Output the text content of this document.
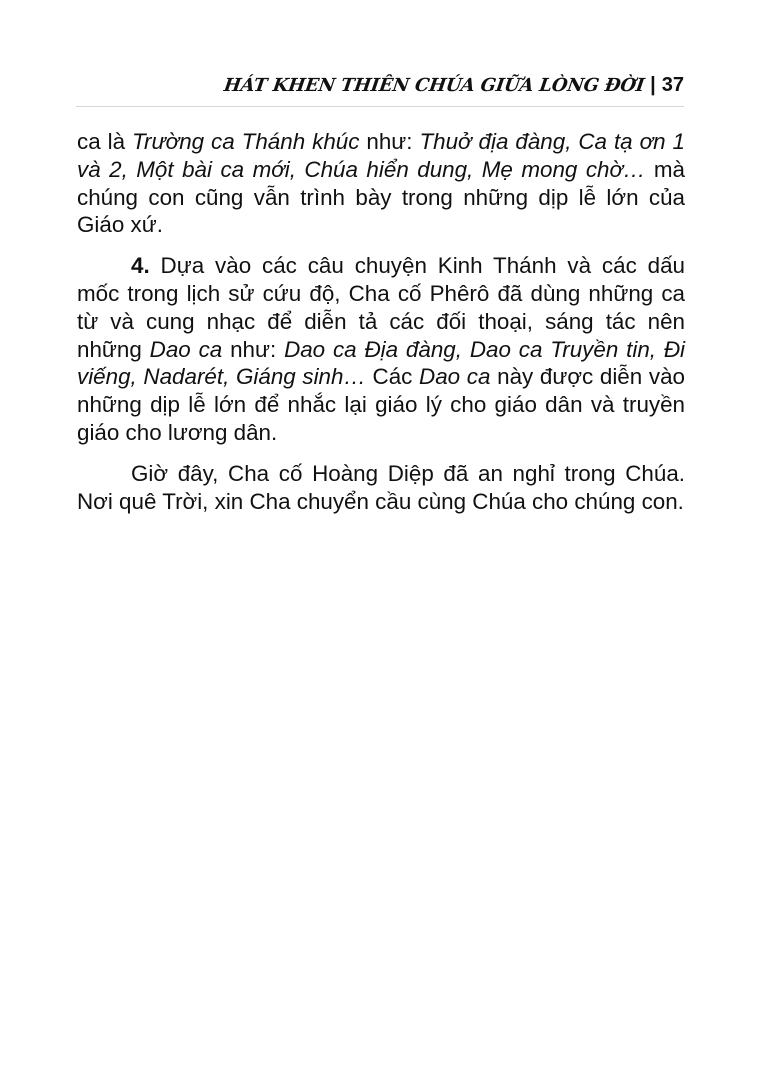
HÁT KHEN THIÊN CHÚA GIỮA LÒNG ĐỜI | 37

ca là Trường ca Thánh khúc như: Thuở địa đàng, Ca tạ ơn 1 và 2, Một bài ca mới, Chúa hiển dung, Mẹ mong chờ… mà chúng con cũng vẫn trình bày trong những dịp lễ lớn của Giáo xứ.

4. Dựa vào các câu chuyện Kinh Thánh và các dấu mốc trong lịch sử cứu độ, Cha cố Phêrô đã dùng những ca từ và cung nhạc để diễn tả các đối thoại, sáng tác nên những Dao ca như: Dao ca Địa đàng, Dao ca Truyền tin, Đi viếng, Nadarét, Giáng sinh… Các Dao ca này được diễn vào những dịp lễ lớn để nhắc lại giáo lý cho giáo dân và truyền giáo cho lương dân.

Giờ đây, Cha cố Hoàng Diệp đã an nghỉ trong Chúa. Nơi quê Trời, xin Cha chuyển cầu cùng Chúa cho chúng con.
